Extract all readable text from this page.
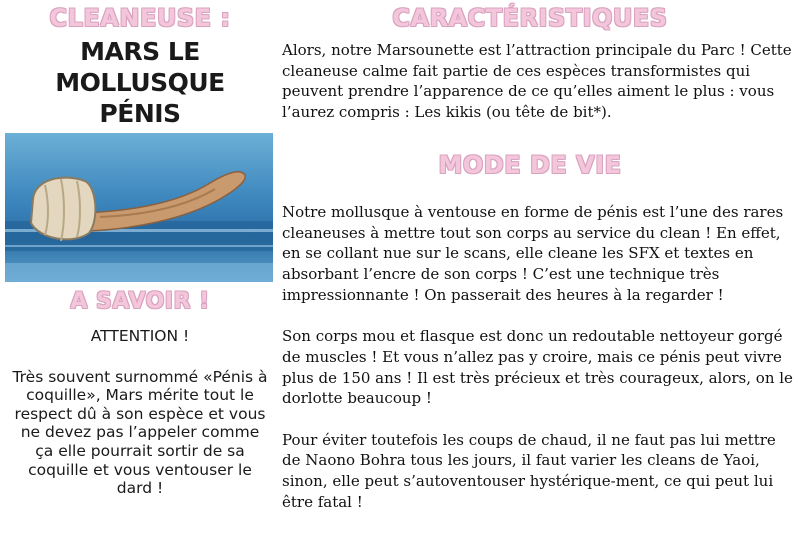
CLEANEUSE :
MARS LE
MOLLUSQUE
PÉNIS
A SAVOIR !

ATTENTION !

Très souvent surnommé «Pénis à coquille», Mars mérite tout le respect dû à son espèce et vous ne devez pas l’appeler comme ça elle pourrait sortir de sa coquille et vous ventouser le dard !

CARACTÉRISTIQUES

Alors, notre Marsounette est l’attraction principale du Parc ! Cette cleaneuse calme fait partie de ces espèces transformistes qui peuvent prendre l’apparence de ce qu’elles aiment le plus : vous l’aurez compris : Les kikis (ou tête de bit*).

MODE DE VIE

Notre mollusque à ventouse en forme de pénis est l’une des rares cleaneuses à mettre tout son corps au service du clean ! En effet, en se collant nue sur le scans, elle cleane les SFX et textes en absorbant l’encre de son corps ! C’est une technique très impressionnante ! On passerait des heures à la regarder !

Son corps mou et flasque est donc un redoutable nettoyeur gorgé de muscles ! Et vous n’allez pas y croire, mais ce pénis peut vivre plus de 150 ans ! Il est très précieux et très courageux, alors, on le dorlotte beaucoup !

Pour éviter toutefois les coups de chaud, il ne faut pas lui mettre de Naono Bohra tous les jours, il faut varier les cleans de Yaoi, sinon, elle peut s’autoventouser hystérique-ment, ce qui peut lui être fatal !
